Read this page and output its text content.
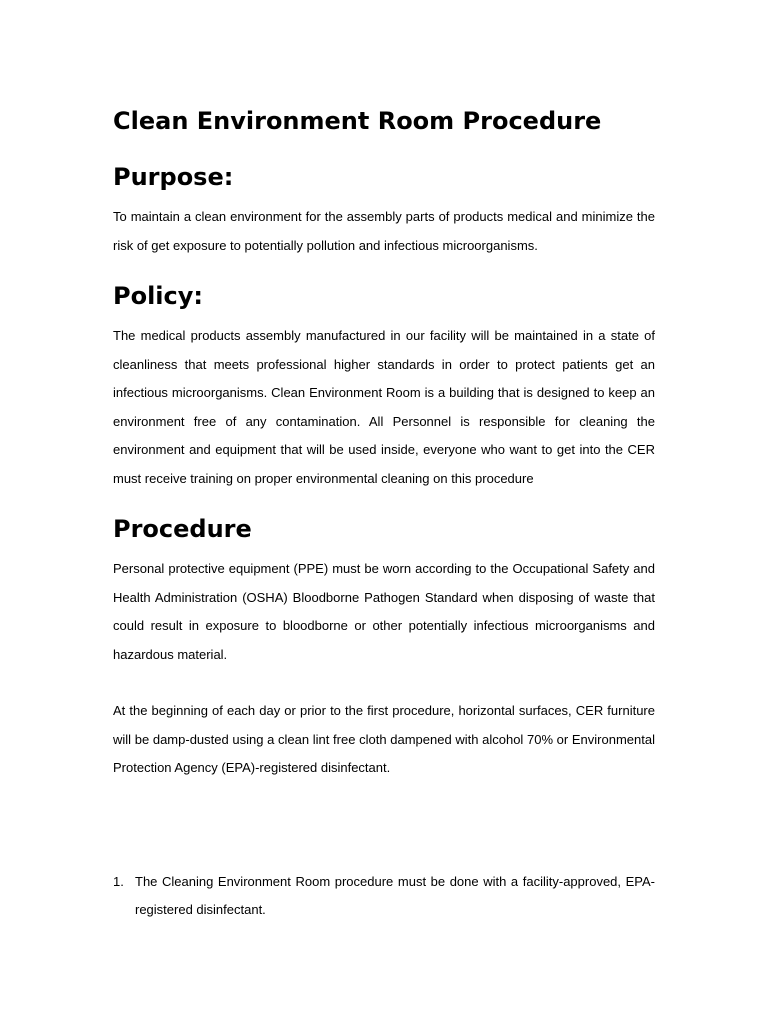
Clean Environment Room Procedure
Purpose:

To maintain a clean environment for the assembly parts of products medical and minimize the risk of get exposure to potentially pollution and infectious microorganisms.

Policy:

The medical products assembly manufactured in our facility will be maintained in a state of cleanliness that meets professional higher standards in order to protect patients get an infectious microorganisms. Clean Environment Room is a building that is designed to keep an environment free of any contamination. All Personnel is responsible for cleaning the environment and equipment that will be used inside, everyone who want to get into the CER must receive training on proper environmental cleaning on this procedure

Procedure

Personal protective equipment (PPE) must be worn according to the Occupational Safety and Health Administration (OSHA) Bloodborne Pathogen Standard when disposing of waste that could result in exposure to bloodborne or other potentially infectious microorganisms and hazardous material.

At the beginning of each day or prior to the first procedure, horizontal surfaces, CER furniture will be damp-dusted using a clean lint free cloth dampened with alcohol 70% or Environmental Protection Agency (EPA)-registered disinfectant.

1. The Cleaning Environment Room procedure must be done with a facility-approved, EPA-registered disinfectant.
